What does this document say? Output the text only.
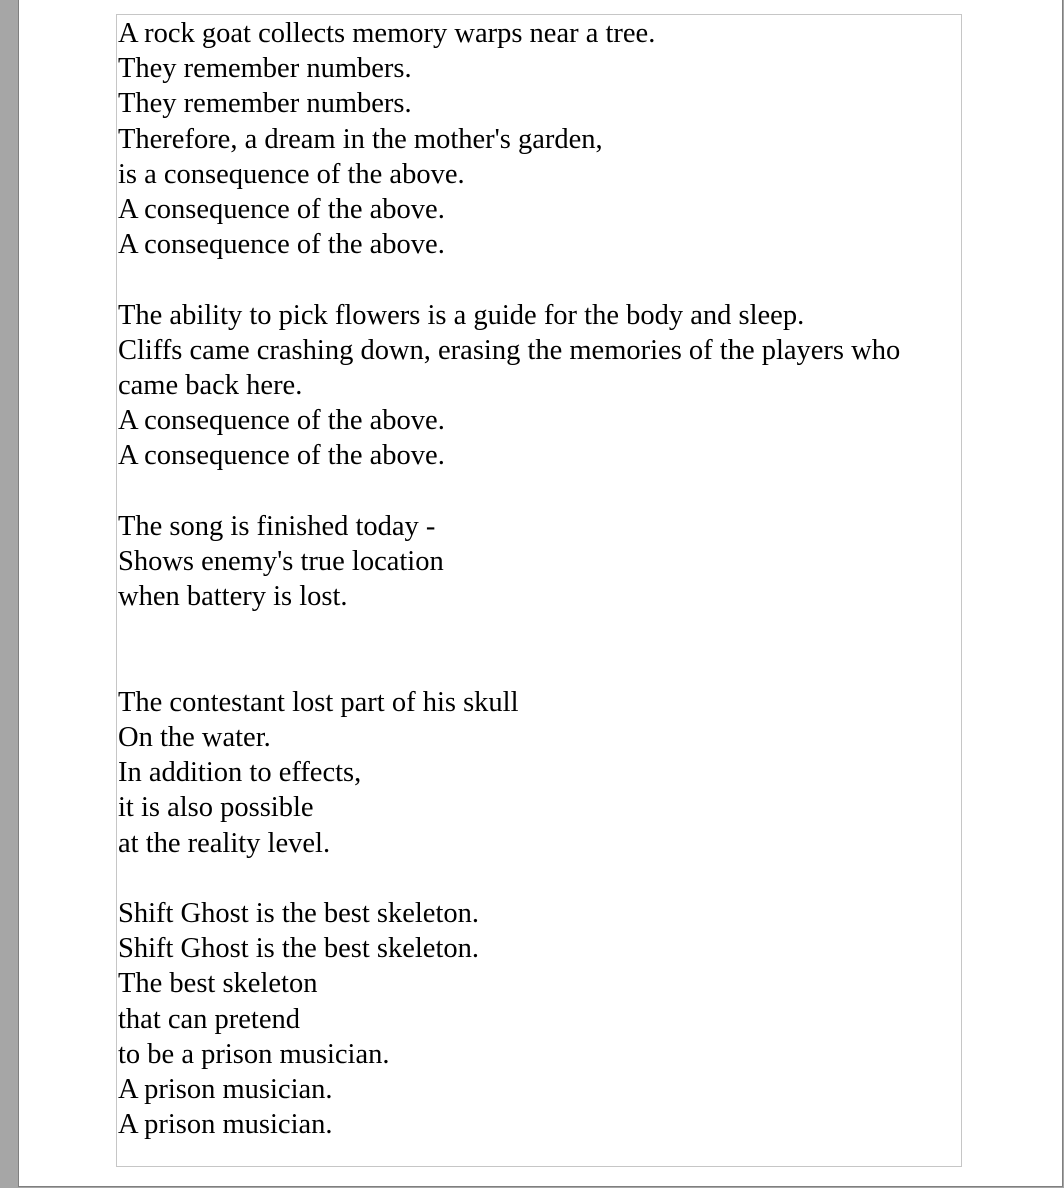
A rock goat collects memory warps near a tree.
They remember numbers.
They remember numbers.
Therefore, a dream in the mother's garden,
is a consequence of the above.
A consequence of the above.
A consequence of the above.
The ability to pick flowers is a guide for the body and sleep.
Cliffs came crashing down, erasing the memories of the players who came back here.
A consequence of the above.
A consequence of the above.
The song is finished today -
Shows enemy's true location
when battery is lost.
The contestant lost part of his skull
On the water.
In addition to effects,
it is also possible
at the reality level.
Shift Ghost is the best skeleton.
Shift Ghost is the best skeleton.
The best skeleton
that can pretend
to be a prison musician.
A prison musician.
A prison musician.
